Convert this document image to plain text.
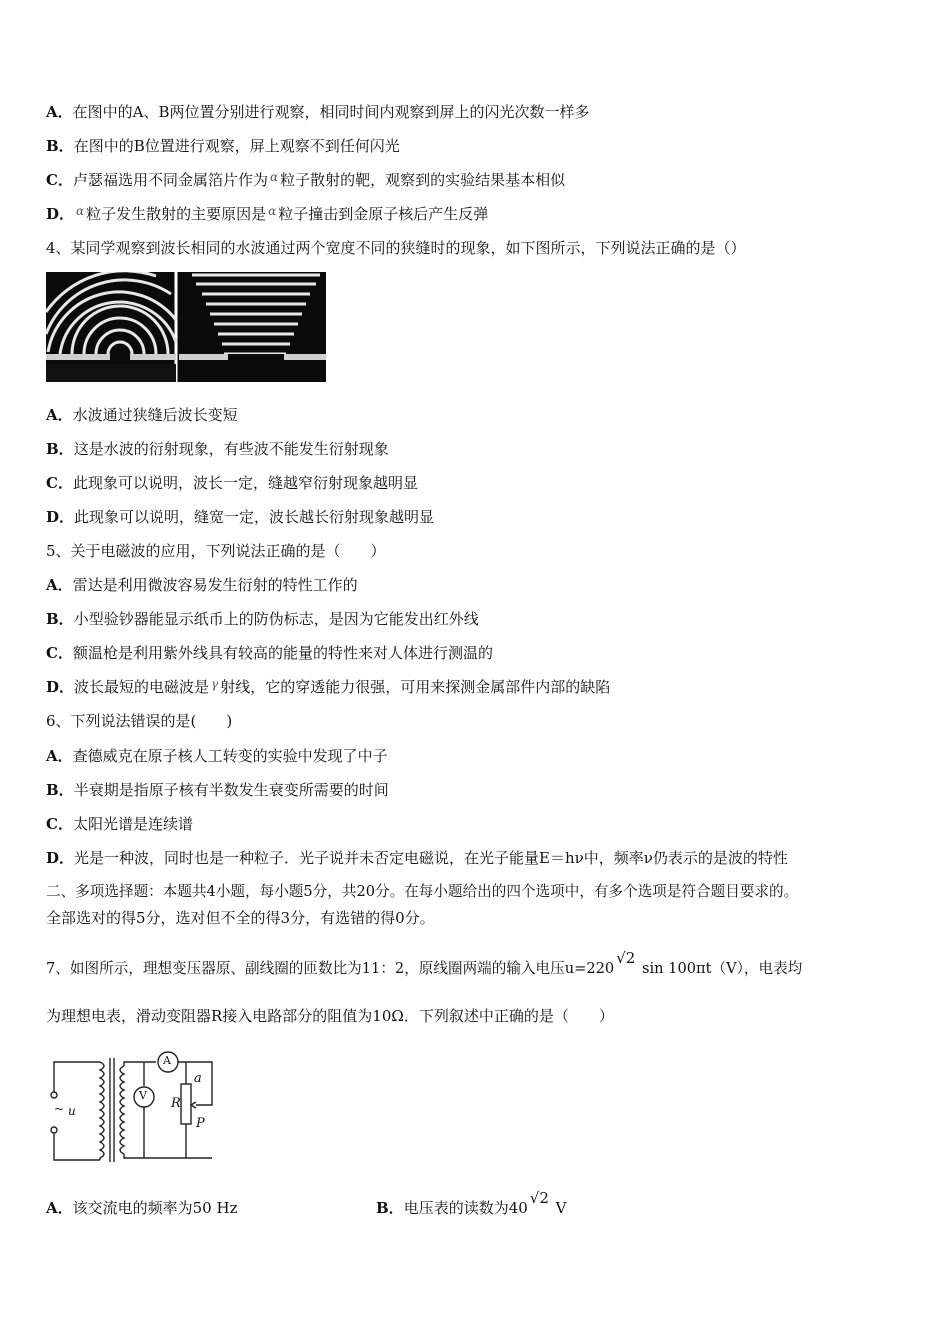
A．在图中的A、B两位置分别进行观察，相同时间内观察到屏上的闪光次数一样多
B．在图中的B位置进行观察，屏上观察不到任何闪光
C．卢瑟福选用不同金属箔片作为 $^\alpha$ 粒子散射的靶，观察到的实验结果基本相似
D． $^\alpha$ 粒子发生散射的主要原因是 $^\alpha$ 粒子撞击到金原子核后产生反弹
4、某同学观察到波长相同的水波通过两个宽度不同的狭缝时的现象，如下图所示，下列说法正确的是（）
A．水波通过狭缝后波长变短
B．这是水波的衍射现象，有些波不能发生衍射现象
C．此现象可以说明，波长一定，缝越窄衍射现象越明显
D．此现象可以说明，缝宽一定，波长越长衍射现象越明显
5、关于电磁波的应用，下列说法正确的是（　　）
A．雷达是利用微波容易发生衍射的特性工作的
B．小型验钞器能显示纸币上的防伪标志，是因为它能发出红外线
C．额温枪是利用紫外线具有较高的能量的特性来对人体进行测温的
D．波长最短的电磁波是 $^\gamma$ 射线，它的穿透能力很强，可用来探测金属部件内部的缺陷
6、下列说法错误的是(　　)
A．查德威克在原子核人工转变的实验中发现了中子
B．半衰期是指原子核有半数发生衰变所需要的时间
C．太阳光谱是连续谱
D．光是一种波，同时也是一种粒子．光子说并未否定电磁说，在光子能量E＝hν中，频率ν仍表示的是波的特性
二、多项选择题：本题共4小题，每小题5分，共20分。在每小题给出的四个选项中，有多个选项是符合题目要求的。
全部选对的得5分，选对但不全的得3分，有选错的得0分。
7、如图所示，理想变压器原、副线圈的匝数比为11：2，原线圈两端的输入电压u=220√2 sin 100πt（V），电表均
为理想电表，滑动变阻器R接入电路部分的阻值为10Ω．下列叙述中正确的是（　　）
~ u
A
V
R
a
P
A．该交流电的频率为50 Hz	B．电压表的读数为40√2 V
